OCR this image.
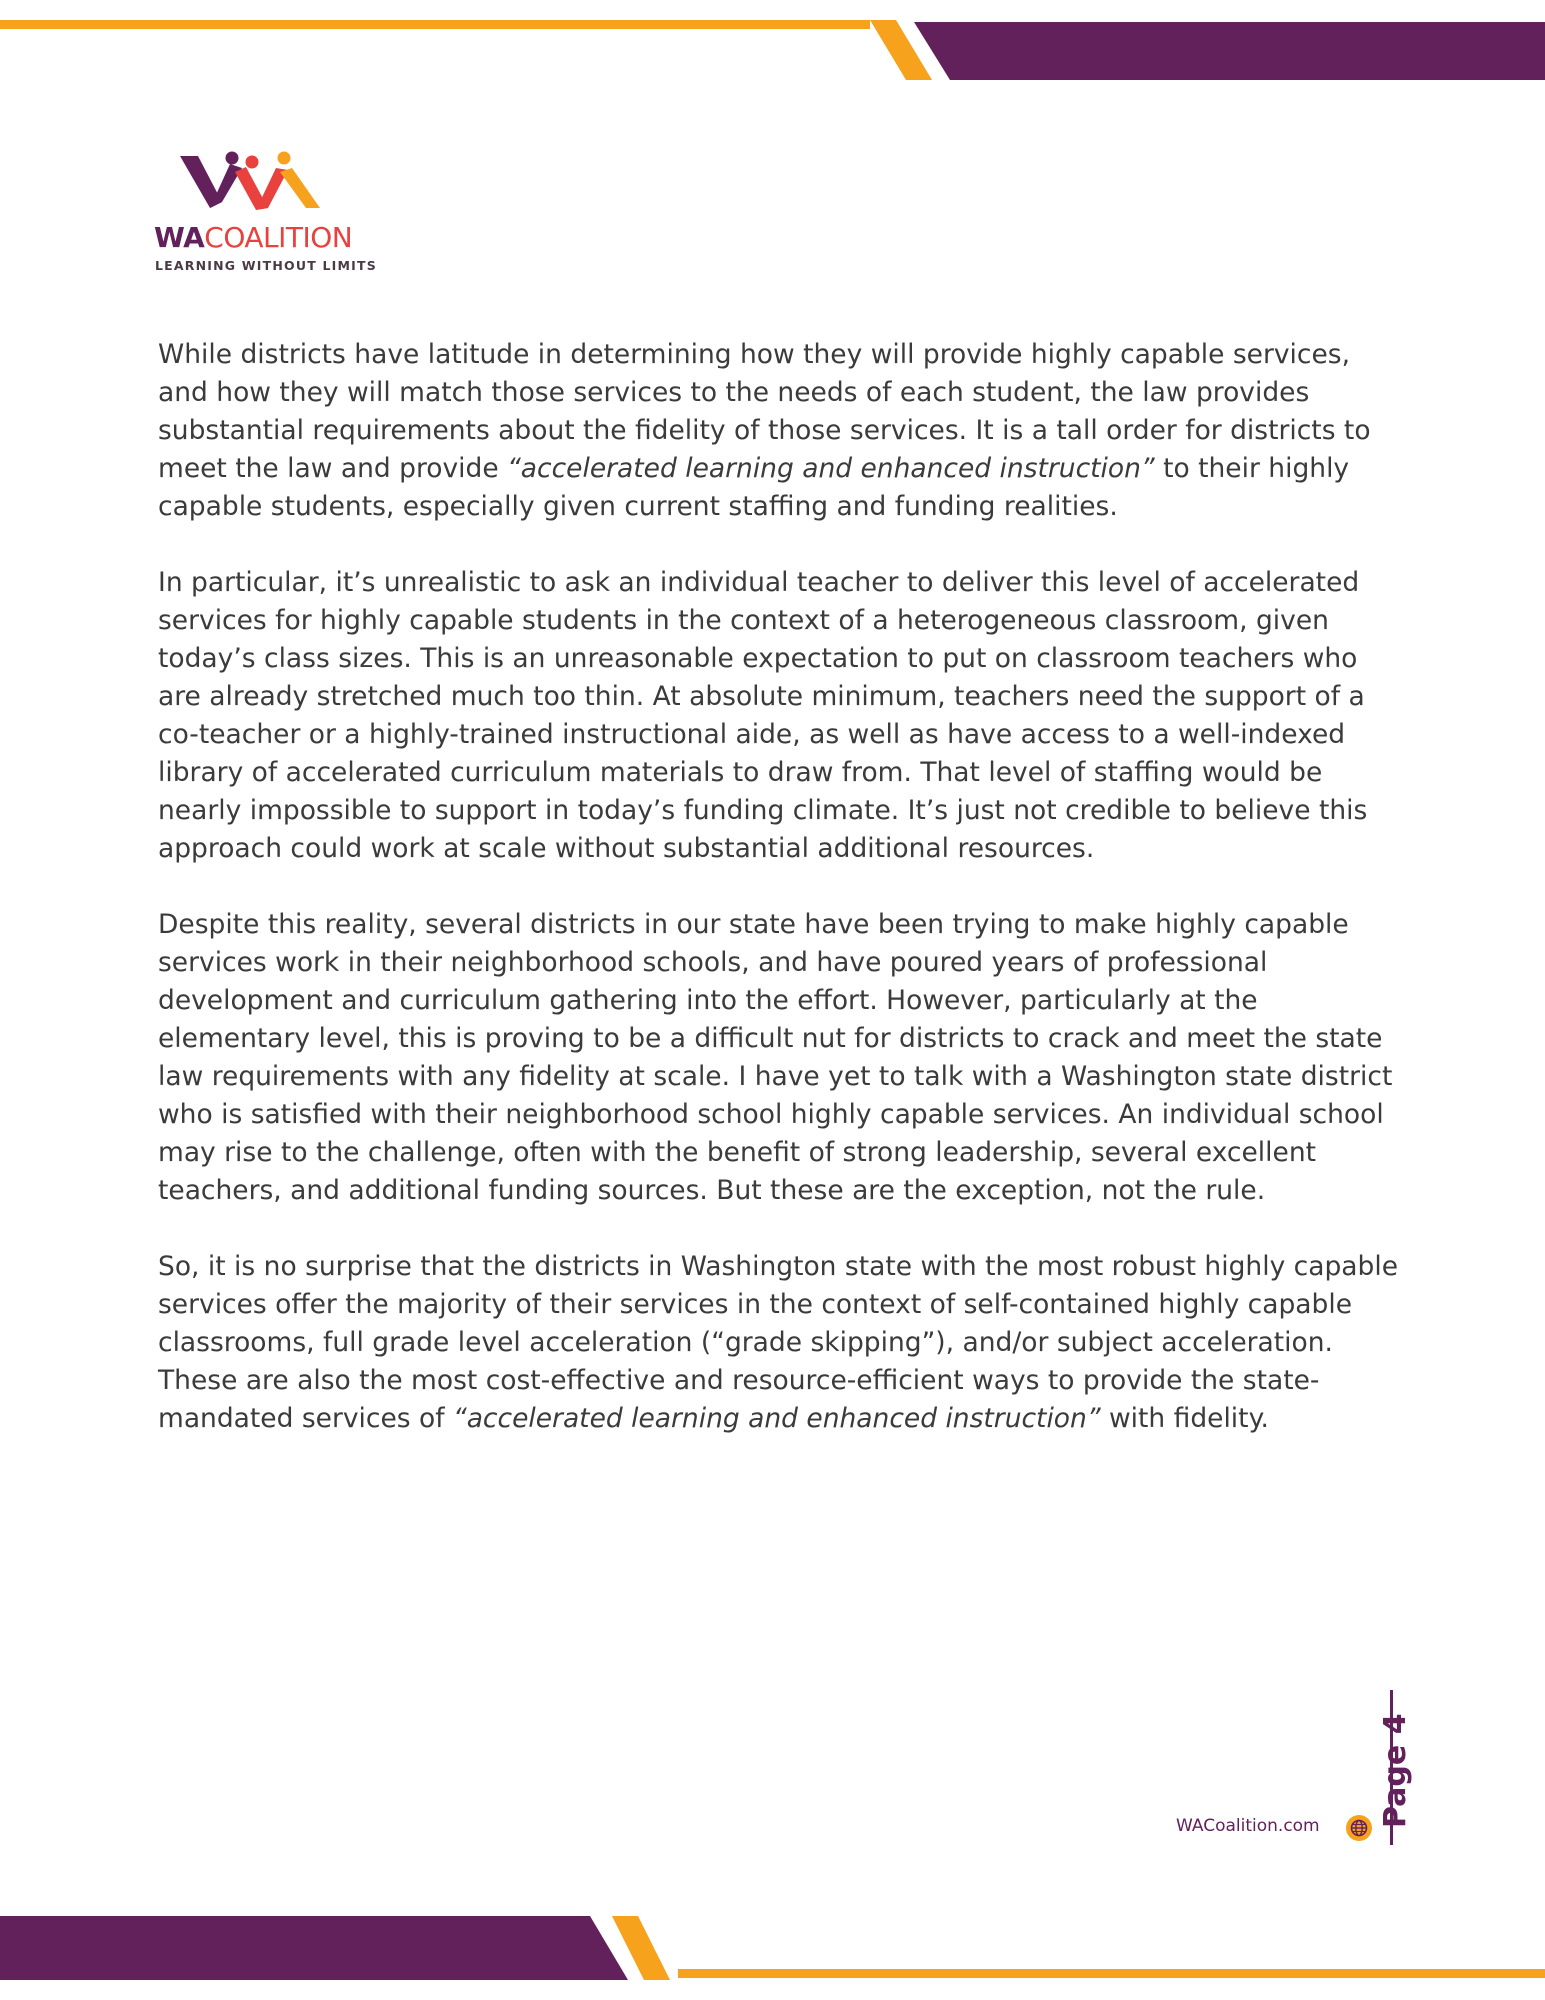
WACOALITION
LEARNING WITHOUT LIMITS

While districts have latitude in determining how they will provide highly capable services, and how they will match those services to the needs of each student, the law provides substantial requirements about the fidelity of those services. It is a tall order for districts to meet the law and provide “accelerated learning and enhanced instruction” to their highly capable students, especially given current staffing and funding realities.

In particular, it’s unrealistic to ask an individual teacher to deliver this level of accelerated services for highly capable students in the context of a heterogeneous classroom, given today’s class sizes. This is an unreasonable expectation to put on classroom teachers who are already stretched much too thin. At absolute minimum, teachers need the support of a co-teacher or a highly-trained instructional aide, as well as have access to a well-indexed library of accelerated curriculum materials to draw from. That level of staffing would be nearly impossible to support in today’s funding climate. It’s just not credible to believe this approach could work at scale without substantial additional resources.

Despite this reality, several districts in our state have been trying to make highly capable services work in their neighborhood schools, and have poured years of professional development and curriculum gathering into the effort. However, particularly at the elementary level, this is proving to be a difficult nut for districts to crack and meet the state law requirements with any fidelity at scale. I have yet to talk with a Washington state district who is satisfied with their neighborhood school highly capable services. An individual school may rise to the challenge, often with the benefit of strong leadership, several excellent teachers, and additional funding sources. But these are the exception, not the rule.

So, it is no surprise that the districts in Washington state with the most robust highly capable services offer the majority of their services in the context of self-contained highly capable classrooms, full grade level acceleration (“grade skipping”), and/or subject acceleration. These are also the most cost-effective and resource-efficient ways to provide the state-mandated services of “accelerated learning and enhanced instruction” with fidelity.

WACoalition.com Page 4
